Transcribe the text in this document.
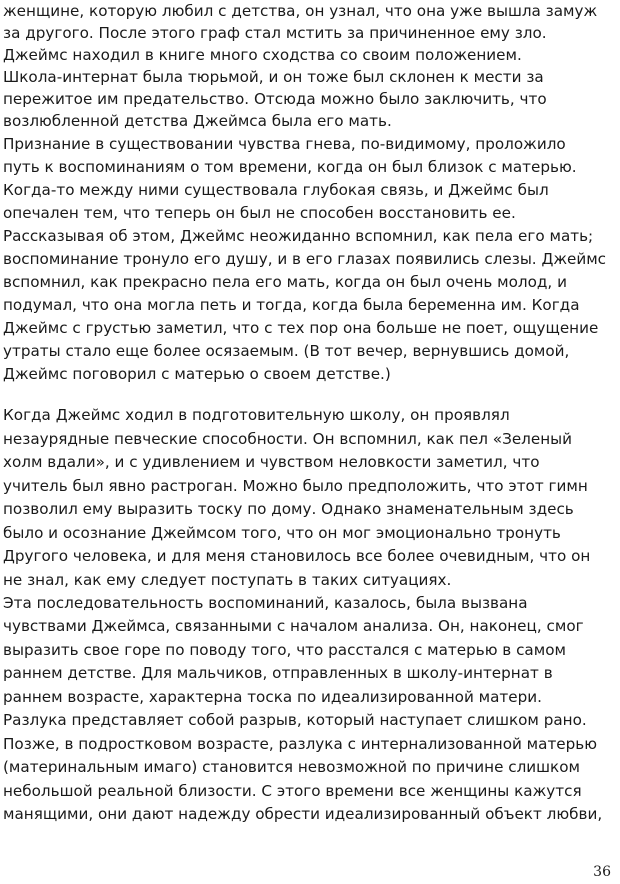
женщине, которую любил с детства, он узнал, что она уже вышла замуж
за другого. После этого граф стал мстить за причиненное ему зло.
Джеймс находил в книге много сходства со своим положением.
Школа-интернат была тюрьмой, и он тоже был склонен к мести за
пережитое им предательство. Отсюда можно было заключить, что
возлюбленной детства Джеймса была его мать.
Признание в существовании чувства гнева, по-видимому, проложило
путь к воспоминаниям о том времени, когда он был близок с матерью.
Когда-то между ними существовала глубокая связь, и Джеймс был
опечален тем, что теперь он был не способен восстановить ее.
Рассказывая об этом, Джеймс неожиданно вспомнил, как пела его мать;
воспоминание тронуло его душу, и в его глазах появились слезы. Джеймс
вспомнил, как прекрасно пела его мать, когда он был очень молод, и
подумал, что она могла петь и тогда, когда была беременна им. Когда
Джеймс с грустью заметил, что с тех пор она больше не поет, ощущение
утраты стало еще более осязаемым. (В тот вечер, вернувшись домой,
Джеймс поговорил с матерью о своем детстве.)
Когда Джеймс ходил в подготовительную школу, он проявлял
незаурядные певческие способности. Он вспомнил, как пел «Зеленый
холм вдали», и с удивлением и чувством неловкости заметил, что
учитель был явно растроган. Можно было предположить, что этот гимн
позволил ему выразить тоску по дому. Однако знаменательным здесь
было и осознание Джеймсом того, что он мог эмоционально тронуть
Другого человека, и для меня становилось все более очевидным, что он
не знал, как ему следует поступать в таких ситуациях.
Эта последовательность воспоминаний, казалось, была вызвана
чувствами Джеймса, связанными с началом анализа. Он, наконец, смог
выразить свое горе по поводу того, что расстался с матерью в самом
раннем детстве. Для мальчиков, отправленных в школу-интернат в
раннем возрасте, характерна тоска по идеализированной матери.
Разлука представляет собой разрыв, который наступает слишком рано.
Позже, в подростковом возрасте, разлука с интернализованной матерью
(материнальным имаго) становится невозможной по причине слишком
небольшой реальной близости. С этого времени все женщины кажутся
манящими, они дают надежду обрести идеализированный объект любви,
36
